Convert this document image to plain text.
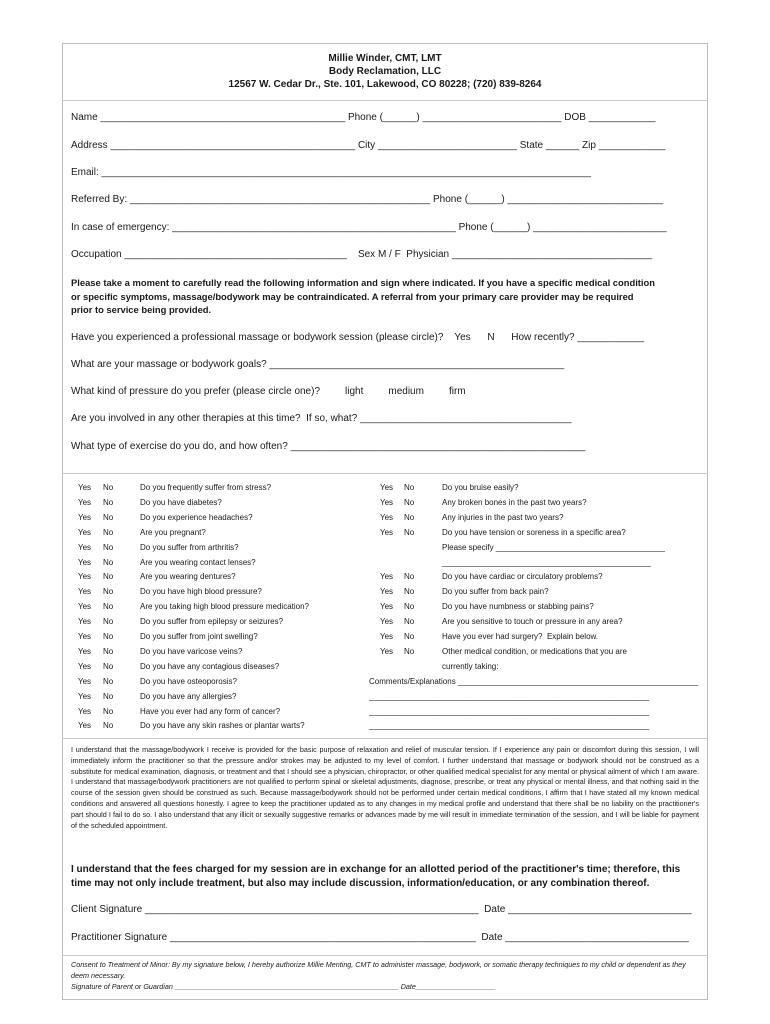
Millie Winder, CMT, LMT
Body Reclamation, LLC
12567 W. Cedar Dr., Ste. 101, Lakewood, CO 80228; (720) 839-8264
Name ____________________________________________ Phone (______) _________________________ DOB ____________
Address ____________________________________________ City _________________________ State ______ Zip ____________
Email: ________________________________________________________________________________________
Referred By: ______________________________________________________ Phone (______) ____________________________
In case of emergency: ___________________________________________________ Phone (______) ________________________
Occupation ________________________________________    Sex M / F  Physician ____________________________________
Please take a moment to carefully read the following information and sign where indicated. If you have a specific medical condition or specific symptoms, massage/bodywork may be contraindicated. A referral from your primary care provider may be required prior to service being provided.
Have you experienced a professional massage or bodywork session (please circle)?    Yes      N      How recently? ____________
What are your massage or bodywork goals? _____________________________________________________
What kind of pressure do you prefer (please circle one)?         light         medium         firm
Are you involved in any other therapies at this time?  If so, what? ______________________________________
What type of exercise do you do, and how often? _____________________________________________________
Yes No	Do you frequently suffer from stress?
Yes No	Do you have diabetes?
Yes No	Do you experience headaches?
Yes No	Are you pregnant?
Yes No	Do you suffer from arthritis?
Yes No	Are you wearing contact lenses?
Yes No	Are you wearing dentures?
Yes No	Do you have high blood pressure?
Yes No	Are you taking high blood pressure medication?
Yes No	Do you suffer from epilepsy or seizures?
Yes No	Do you suffer from joint swelling?
Yes No	Do you have varicose veins?
Yes No	Do you have any contagious diseases?
Yes No	Do you have osteoporosis?
Yes No	Do you have any allergies?
Yes No	Have you ever had any form of cancer?
Yes No	Do you have any skin rashes or plantar warts?
Yes No	Do you bruise easily?
Yes No	Any broken bones in the past two years?
Yes No	Any injuries in the past two years?
Yes No	Do you have tension or soreness in a specific area?
Please specify ______________________________________
_______________________________________________
Yes No	Do you have cardiac or circulatory problems?
Yes No	Do you suffer from back pain?
Yes No	Do you have numbness or stabbing pains?
Yes No	Are you sensitive to touch or pressure in any area?
Yes No	Have you ever had surgery?  Explain below.
Yes No	Other medical condition, or medications that you are
currently taking:
Comments/Explanations ______________________________________________________
_______________________________________________________________
_______________________________________________________________
_______________________________________________________________
I understand that the massage/bodywork I receive is provided for the basic purpose of relaxation and relief of muscular tension. If I experience any pain or discomfort during this session, I will immediately inform the practitioner so that the pressure and/or strokes may be adjusted to my level of comfort. I further understand that massage or bodywork should not be construed as a substitute for medical examination, diagnosis, or treatment and that I should see a physician, chiropractor, or other qualified medical specialist for any mental or physical ailment of which I am aware. I understand that massage/bodywork practitioners are not qualified to perform spinal or skeletal adjustments, diagnose, prescribe, or treat any physical or mental illness, and that nothing said in the course of the session given should be construed as such. Because massage/bodywork should not be performed under certain medical conditions, I affirm that I have stated all my known medical conditions and answered all questions honestly. I agree to keep the practitioner updated as to any changes in my medical profile and understand that there shall be no liability on the practitioner's part should I fail to do so. I also understand that any illicit or sexually suggestive remarks or advances made by me will result in immediate termination of the session, and I will be liable for payment of the scheduled appointment.
I understand that the fees charged for my session are in exchange for an allotted period of the practitioner's time; therefore, this time may not only include treatment, but also may include discussion, information/education, or any combination thereof.
Client Signature ____________________________________________________________  Date _________________________________
Practitioner Signature _______________________________________________________  Date _________________________________
Consent to Treatment of Minor: By my signature below, I hereby authorize Millie Menting, CMT to administer massage, bodywork, or somatic therapy techniques to my child or dependent as they deem necessary.
Signature of Parent or Guardian ________________________________________________________ Date____________________
